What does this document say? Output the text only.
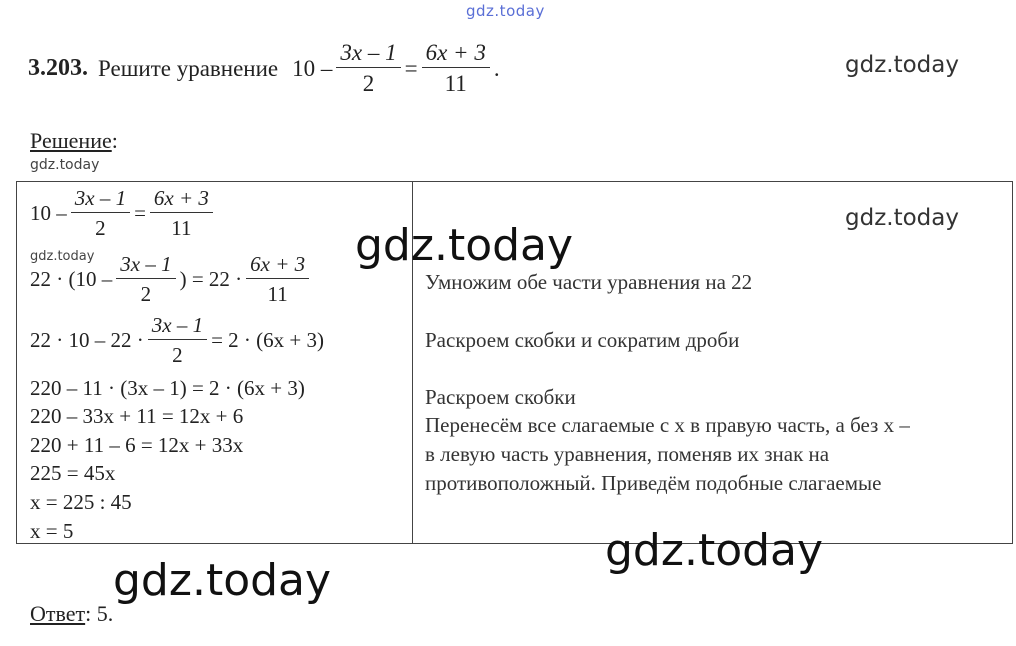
gdz.today
gdz.today
3.203. Решите уравнение $10 - \frac{3x - 1}{2} = \frac{6x + 3}{11}$ .
Решение:
gdz.today
$10 - \frac{3x - 1}{2} = \frac{6x + 3}{11}$
gdz.today
$22 \cdot (10 - \frac{3x - 1}{2}$ ) = $22 \cdot \frac{6x + 3}{11}$
$22 \cdot 10 - 22 \cdot \frac{3x - 1}{2} = 2 \cdot (6x + 3)$
220 – 11 · (3x – 1) = 2 · (6x + 3)
220 – 33x + 11 = 12x + 6
220 + 11 – 6 = 12x + 33x
225 = 45x
x = 225 : 45
x = 5
gdz.today
Умножим обе части уравнения на 22
Раскроем скобки и сократим дроби
Раскроем скобки
Перенесём все слагаемые с x в правую часть, а без x –
в левую часть уравнения, поменяв их знак на
противоположный. Приведём подобные слагаемые
gdz.today
gdz.today
gdz.today
Ответ: 5.
